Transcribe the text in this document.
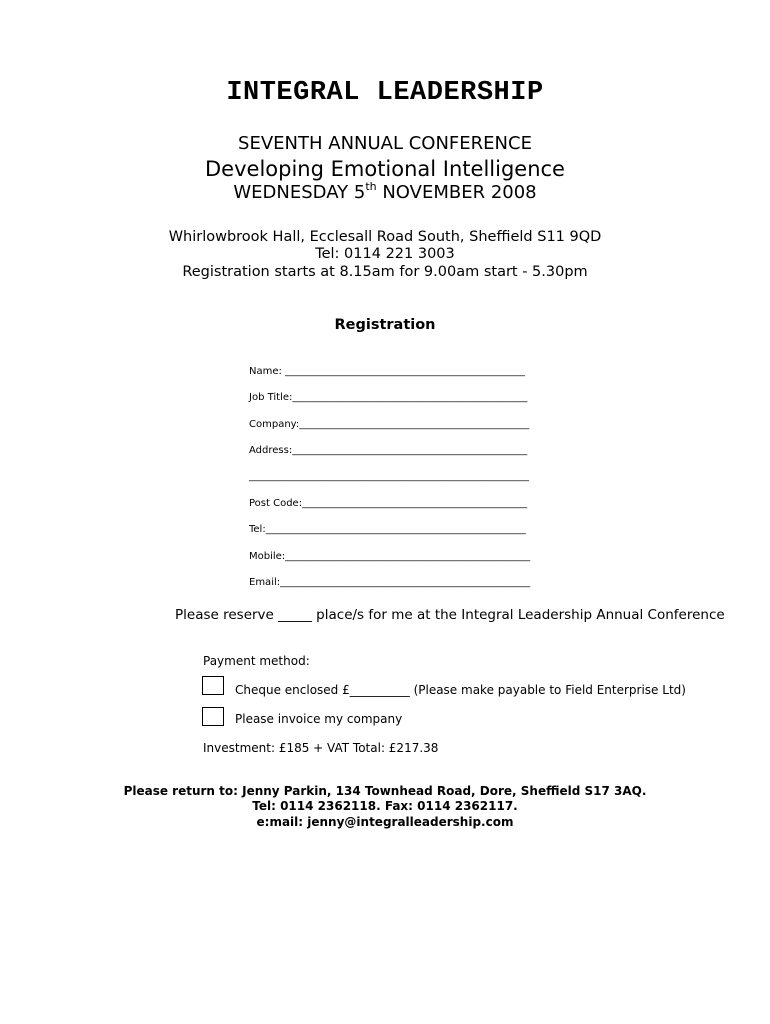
INTEGRAL LEADERSHIP
SEVENTH ANNUAL CONFERENCE
Developing Emotional Intelligence
WEDNESDAY 5th NOVEMBER 2008
Whirlowbrook Hall, Ecclesall Road South, Sheffield S11 9QD
Tel: 0114 221 3003
Registration starts at 8.15am for 9.00am start - 5.30pm
Registration
Name: ________________________________________________
Job Title:_______________________________________________
Company:______________________________________________
Address:_______________________________________________
________________________________________________________
Post Code:_____________________________________________
Tel:____________________________________________________
Mobile:_________________________________________________
Email:__________________________________________________
Please reserve _____ place/s for me at the Integral Leadership Annual Conference
Payment method:
Cheque enclosed £__________ (Please make payable to Field Enterprise Ltd)
Please invoice my company
Investment: £185 + VAT Total: £217.38
Please return to: Jenny Parkin, 134 Townhead Road, Dore, Sheffield S17 3AQ.
Tel: 0114 2362118. Fax: 0114 2362117.
e:mail: jenny@integralleadership.com
